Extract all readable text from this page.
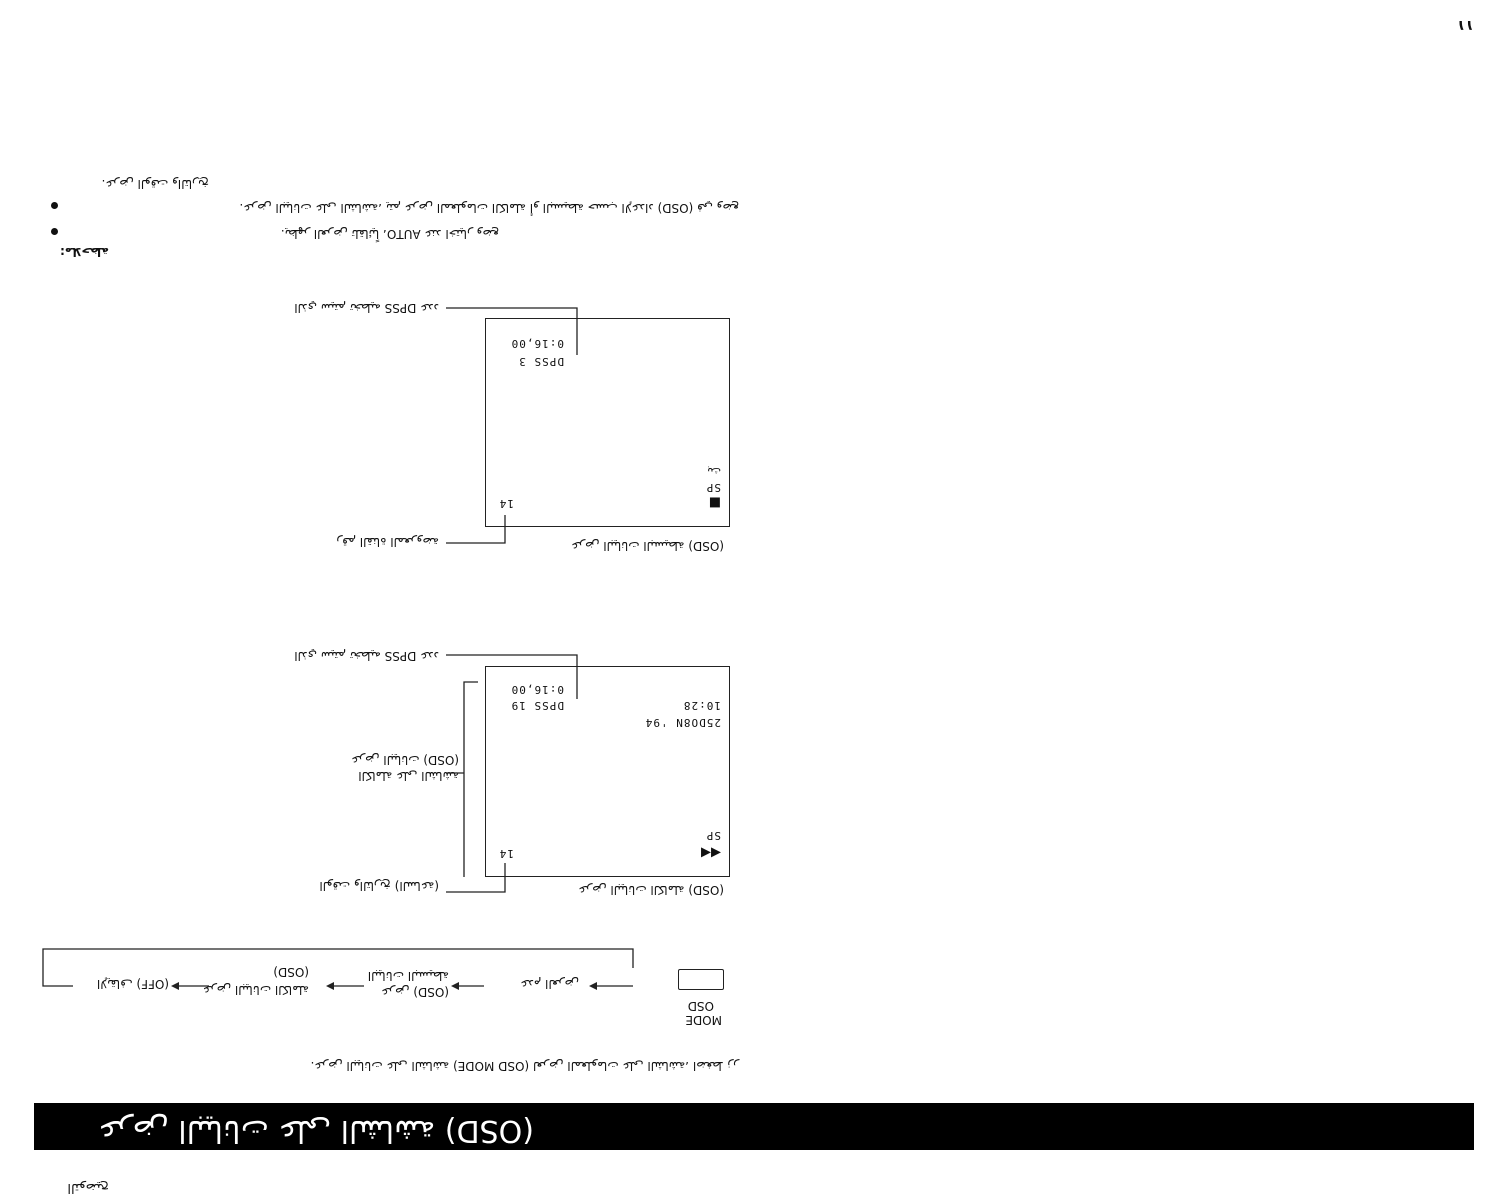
التوضيح
١١
(OSD) عرض البيانات على الشاشة
لعرض المعلومات على الشاشة، اضغط زر (OSD MODE) عرض البيانات على الشاشة.
OSD
MODE
عدم العرض
(OSD) عرض
البيانات البسيطة
(OSD)
عرض البيانات الكاملة
(OFF) الإيقاف
25DO8N '94
10:28
0:16,00
DPSS 19
◀◀
SP
14
(OSD) عرض البيانات الكاملة
عدد DPSS الذي سيتم تخطيه
(OSD) عرض البيانات
الكاملة على الشاشة
(الساعة) الوقت والتاريخ
0:16,00
DPSS 3
■
SP
بث
14
(OSD) عرض البيانات البسيطة
عدد DPSS الذي سيتم تخطيه
رقم القناة المعروضة
ملاحظة:
عند اختيار وضع AUTO، يظهر العرض تلقائياً.
في وضع (OSD) عرض البيانات على الشاشة، يتم عرض المعلومات الكاملة أو البسيطة حسب الإعداد.
عرض الوقت والتاريخ.
